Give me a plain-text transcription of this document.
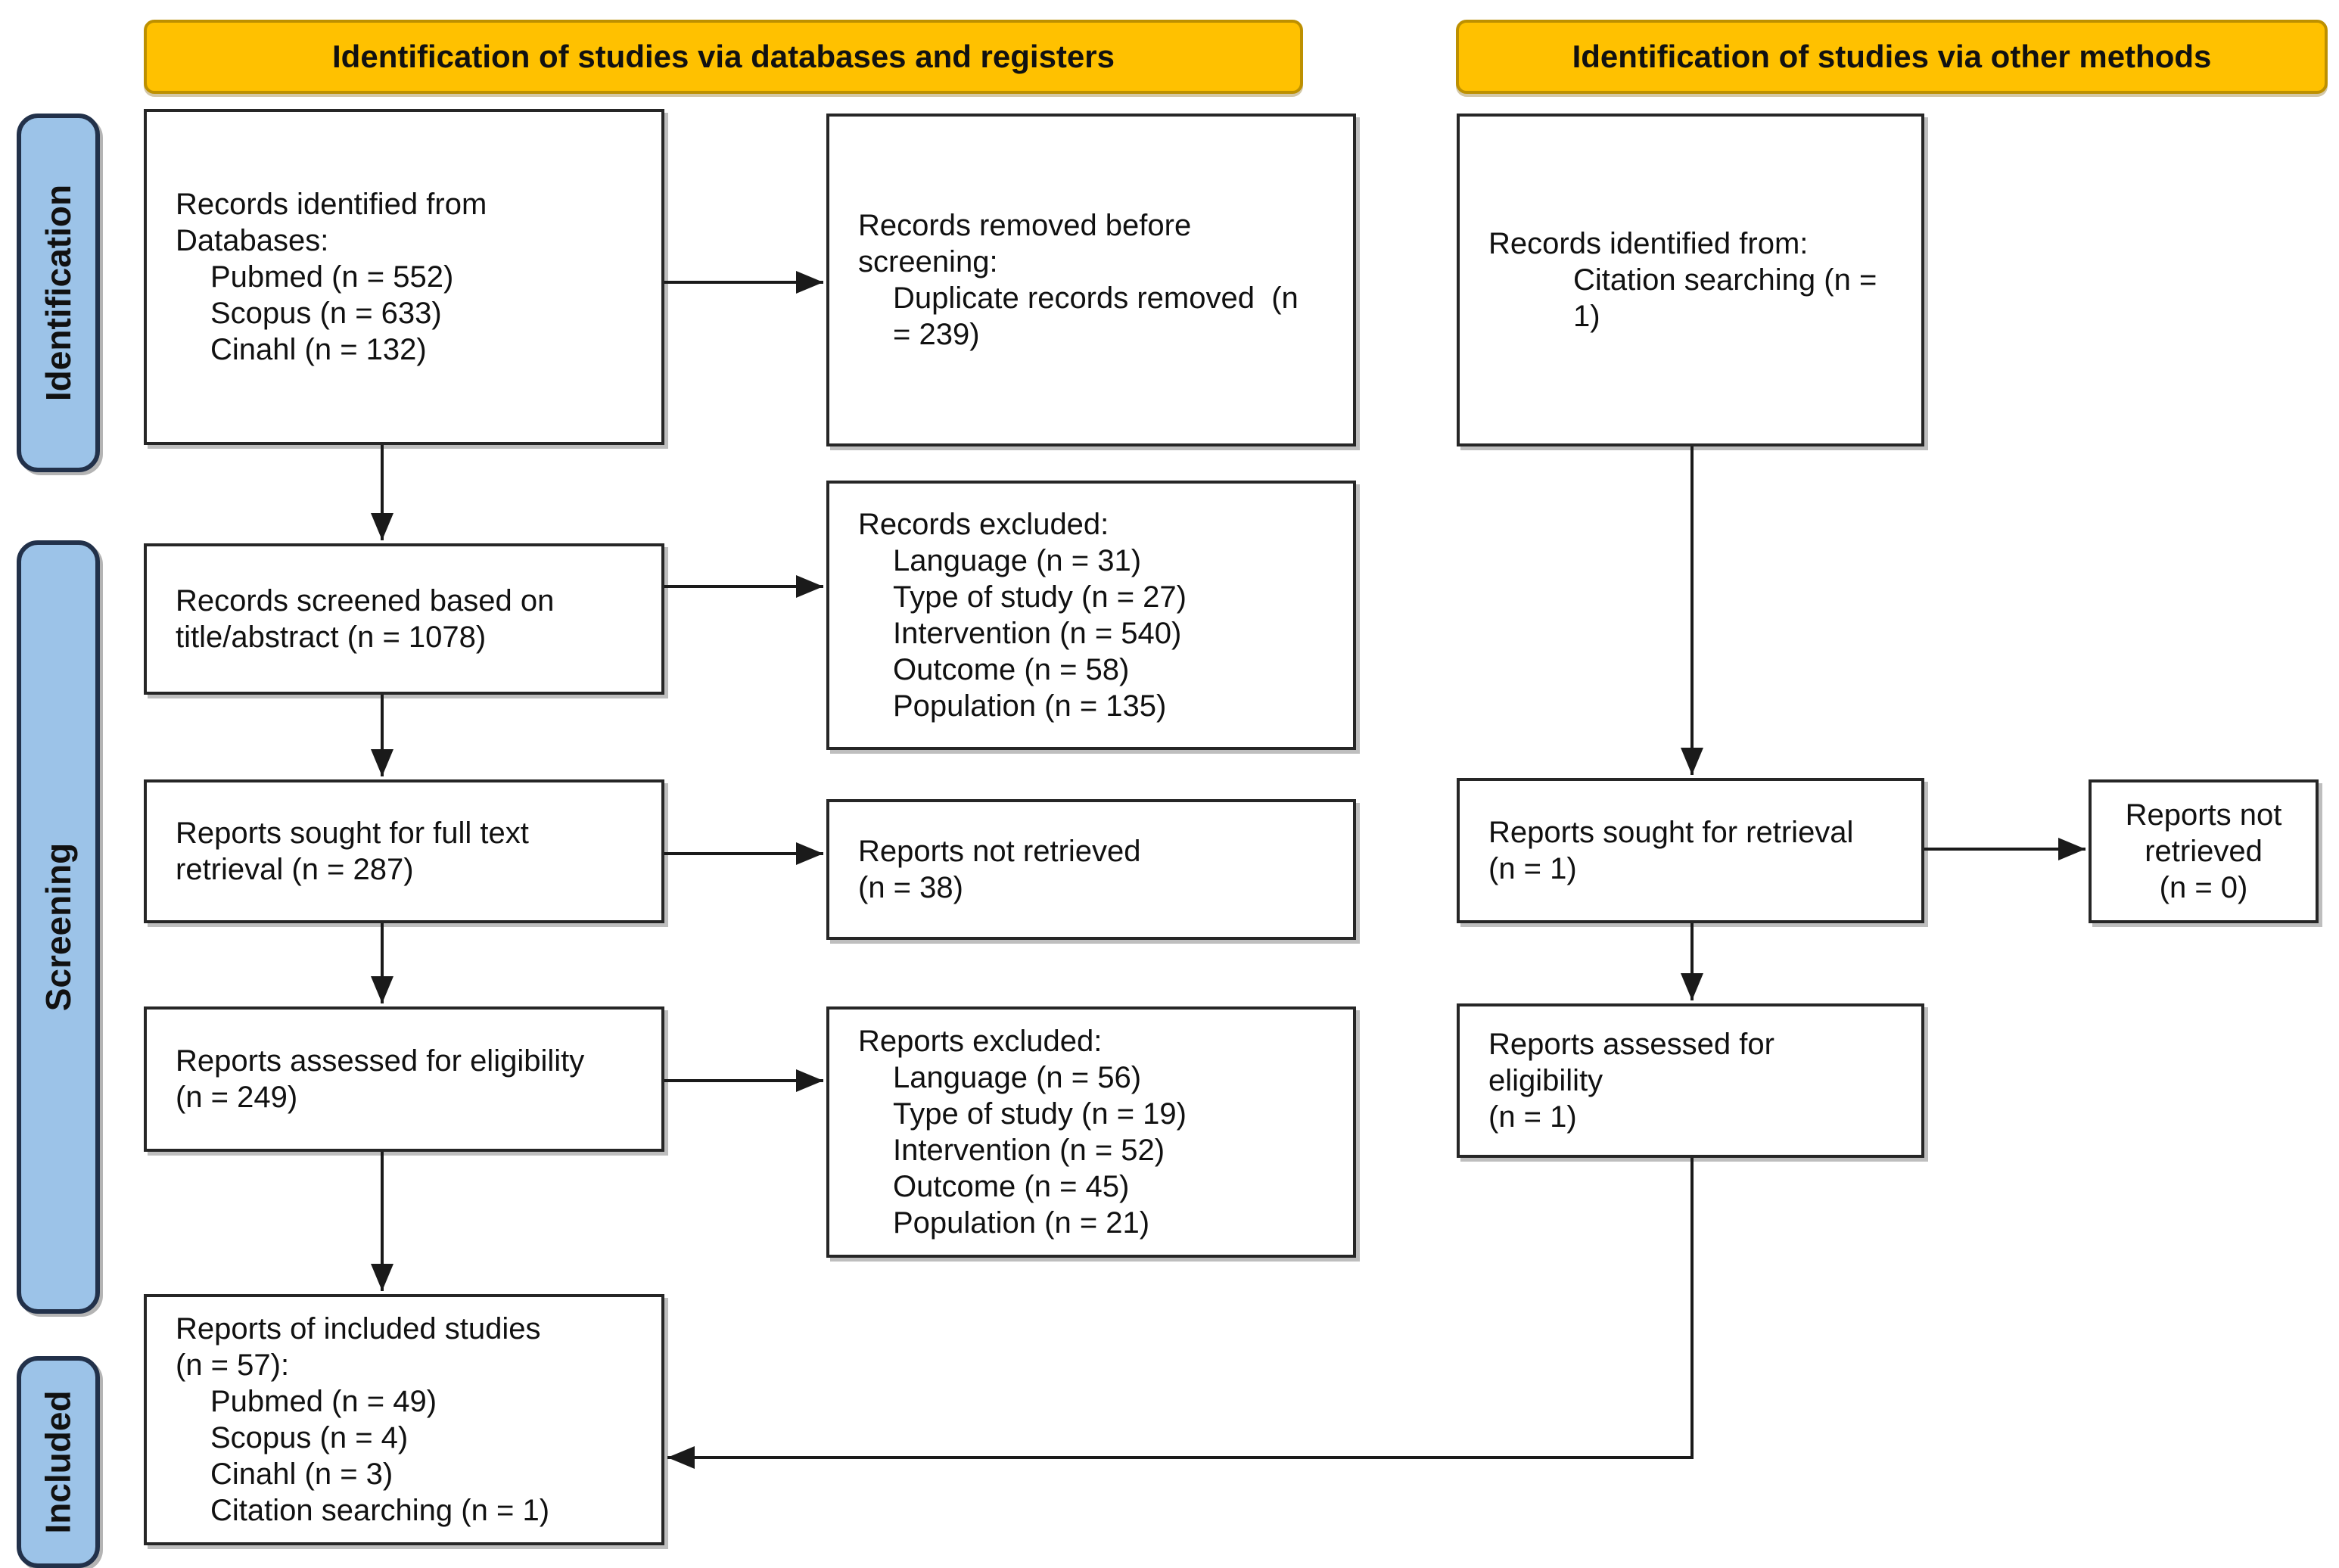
Identification of studies via databases and registers	Identification of studies via other methods
Identification
Screening
Included
Records identified from
Databases:
Pubmed (n = 552)
Scopus (n = 633)
Cinahl (n = 132)
Records screened based on
title/abstract (n = 1078)
Reports sought for full text
retrieval (n = 287)
Reports assessed for eligibility
(n = 249)
Reports of included studies
(n = 57):
Pubmed (n = 49)
Scopus (n = 4)
Cinahl (n = 3)
Citation searching (n = 1)
Records removed before
screening:
Duplicate records removed  (n
= 239)
Records excluded:
Language (n = 31)
Type of study (n = 27)
Intervention (n = 540)
Outcome (n = 58)
Population (n = 135)
Reports not retrieved
(n = 38)
Reports excluded:
Language (n = 56)
Type of study (n = 19)
Intervention (n = 52)
Outcome (n = 45)
Population (n = 21)
Records identified from:
Citation searching (n = 1)
Reports sought for retrieval
(n = 1)
Reports assessed for
eligibility
(n = 1)
Reports not
retrieved
(n = 0)
